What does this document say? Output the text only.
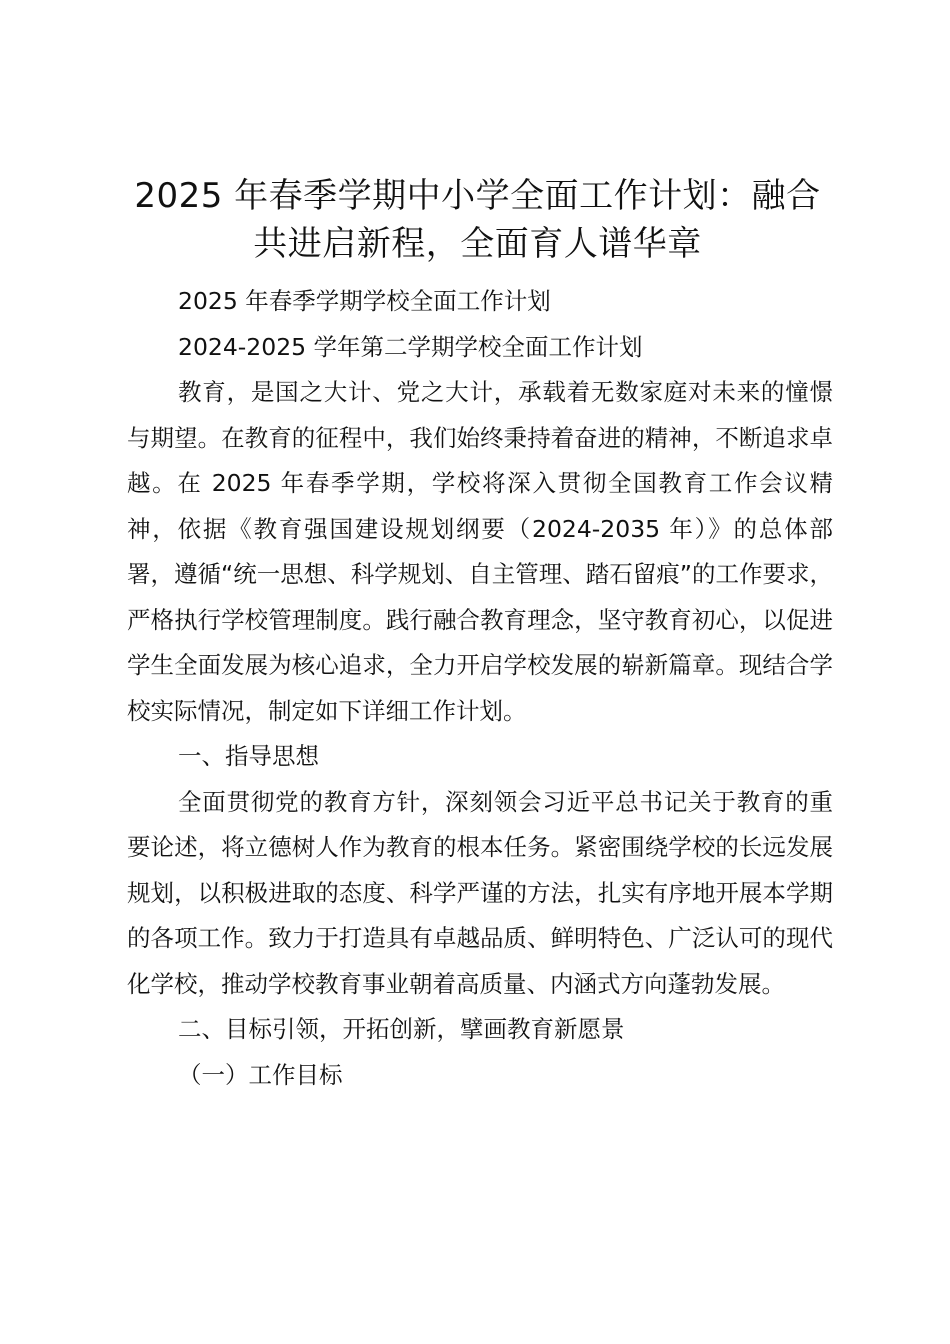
2025 年春季学期中小学全面工作计划：融合共进启新程，全面育人谱华章

2025 年春季学期学校全面工作计划

2024-2025 学年第二学期学校全面工作计划

教育，是国之大计、党之大计，承载着无数家庭对未来的憧憬与期望。在教育的征程中，我们始终秉持着奋进的精神，不断追求卓越。在 2025 年春季学期，学校将深入贯彻全国教育工作会议精神，依据《教育强国建设规划纲要（2024-2035 年）》的总体部署，遵循“统一思想、科学规划、自主管理、踏石留痕”的工作要求，严格执行学校管理制度。践行融合教育理念，坚守教育初心，以促进学生全面发展为核心追求，全力开启学校发展的崭新篇章。现结合学校实际情况，制定如下详细工作计划。

一、指导思想

全面贯彻党的教育方针，深刻领会习近平总书记关于教育的重要论述，将立德树人作为教育的根本任务。紧密围绕学校的长远发展规划，以积极进取的态度、科学严谨的方法，扎实有序地开展本学期的各项工作。致力于打造具有卓越品质、鲜明特色、广泛认可的现代化学校，推动学校教育事业朝着高质量、内涵式方向蓬勃发展。

二、目标引领，开拓创新，擘画教育新愿景

（一）工作目标
